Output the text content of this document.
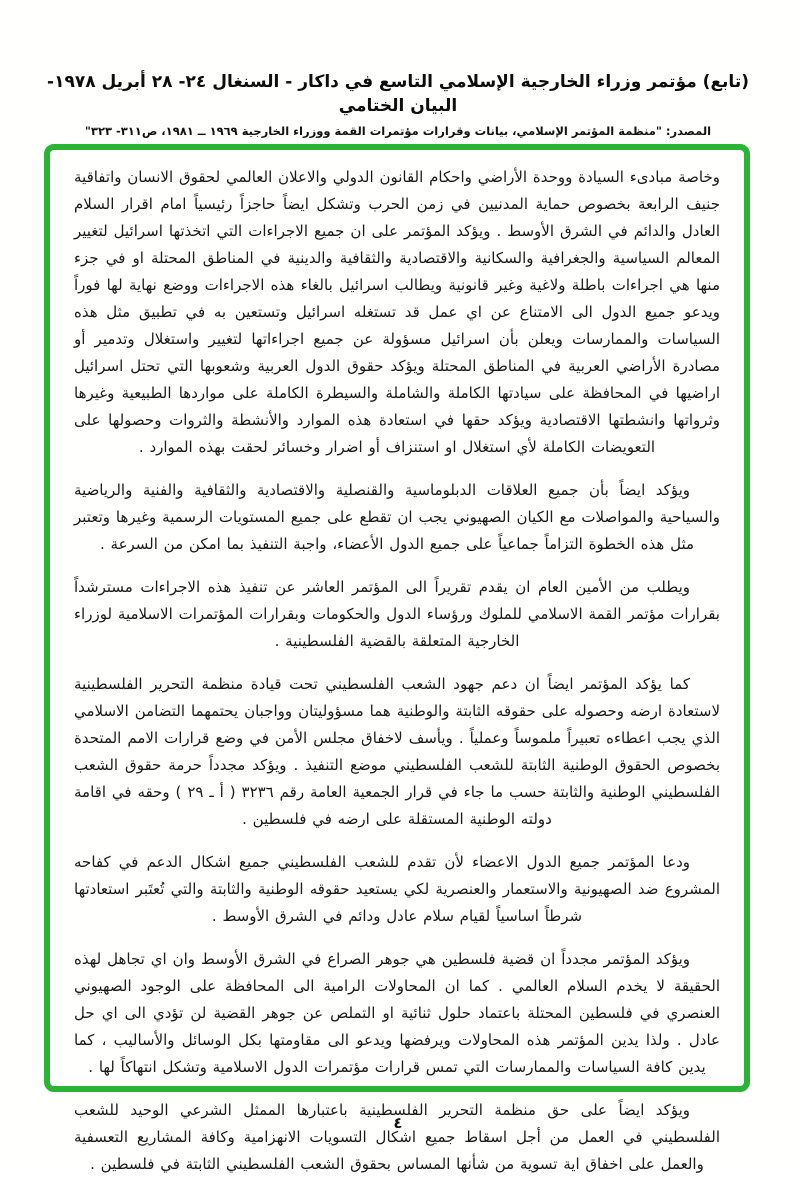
(تابع) مؤتمر وزراء الخارجية الإسلامي التاسع في داكار - السنغال ٢٤- ٢٨ أبريل ١٩٧٨- البيان الختامي
المصدر: "منظمة المؤتمر الإسلامي، بيانات وقرارات مؤتمرات القمة ووزراء الخارجية ١٩٦٩ ــ ١٩٨١، ص٣١١- ٣٢٣"

وخاصة مبادىء السيادة ووحدة الأراضي واحكام القانون الدولي والاعلان العالمي لحقوق الانسان واتفاقية جنيف الرابعة بخصوص حماية المدنيين في زمن الحرب وتشكل ايضاً حاجزاً رئيسياً امام اقرار السلام العادل والدائم في الشرق الأوسط . ويؤكد المؤتمر على ان جميع الاجراءات التي اتخذتها اسرائيل لتغيير المعالم السياسية والجغرافية والسكانية والاقتصادية والثقافية والدينية في المناطق المحتلة او في جزء منها هي اجراءات باطلة ولاغية وغير قانونية ويطالب اسرائيل بالغاء هذه الاجراءات ووضع نهاية لها فوراً ويدعو جميع الدول الى الامتناع عن اي عمل قد تستغله اسرائيل وتستعين به في تطبيق مثل هذه السياسات والممارسات ويعلن بأن اسرائيل مسؤولة عن جميع اجراءاتها لتغيير واستغلال وتدمير أو مصادرة الأراضي العربية في المناطق المحتلة ويؤكد حقوق الدول العربية وشعوبها التي تحتل اسرائيل اراضيها في المحافظة على سيادتها الكاملة والشاملة والسيطرة الكاملة على مواردها الطبيعية وغيرها وثرواتها وانشطتها الاقتصادية ويؤكد حقها في استعادة هذه الموارد والأنشطة والثروات وحصولها على التعويضات الكاملة لأي استغلال او استنزاف أو اضرار وخسائر لحقت بهذه الموارد .

ويؤكد ايضاً بأن جميع العلاقات الدبلوماسية والقنصلية والاقتصادية والثقافية والفنية والرياضية والسياحية والمواصلات مع الكيان الصهيوني يجب ان تقطع على جميع المستويات الرسمية وغيرها وتعتبر مثل هذه الخطوة التزاماً جماعياً على جميع الدول الأعضاء، واجبة التنفيذ بما امكن من السرعة .

ويطلب من الأمين العام ان يقدم تقريراً الى المؤتمر العاشر عن تنفيذ هذه الاجراءات مسترشداً بقرارات مؤتمر القمة الاسلامي للملوك ورؤساء الدول والحكومات وبقرارات المؤتمرات الاسلامية لوزراء الخارجية المتعلقة بالقضية الفلسطينية .

كما يؤكد المؤتمر ايضاً ان دعم جهود الشعب الفلسطيني تحت قيادة منظمة التحرير الفلسطينية لاستعادة ارضه وحصوله على حقوقه الثابتة والوطنية هما مسؤوليتان وواجبان يحتمهما التضامن الاسلامي الذي يجب اعطاءه تعبيراً ملموساً وعملياً . ويأسف لاخفاق مجلس الأمن في وضع قرارات الامم المتحدة بخصوص الحقوق الوطنية الثابتة للشعب الفلسطيني موضع التنفيذ . ويؤكد مجدداً حرمة حقوق الشعب الفلسطيني الوطنية والثابتة حسب ما جاء في قرار الجمعية العامة رقم ٣٢٣٦ ( أ ـ ٢٩ ) وحقه في اقامة دولته الوطنية المستقلة على ارضه في فلسطين .

ودعا المؤتمر جميع الدول الاعضاء لأن تقدم للشعب الفلسطيني جميع اشكال الدعم في كفاحه المشروع ضد الصهيونية والاستعمار والعنصرية لكي يستعيد حقوقه الوطنية والثابتة والتي تُعتَبر استعادتها شرطاً اساسياً لقيام سلام عادل ودائم في الشرق الأوسط .

ويؤكد المؤتمر مجدداً ان قضية فلسطين هي جوهر الصراع في الشرق الأوسط وان اي تجاهل لهذه الحقيقة لا يخدم السلام العالمي . كما ان المحاولات الرامية الى المحافظة على الوجود الصهيوني العنصري في فلسطين المحتلة باعتماد حلول ثنائية او التملص عن جوهر القضية لن تؤدي الى اي حل عادل . ولذا يدين المؤتمر هذه المحاولات ويرفضها ويدعو الى مقاومتها بكل الوسائل والأساليب ، كما يدين كافة السياسات والممارسات التي تمس قرارات مؤتمرات الدول الاسلامية وتشكل انتهاكاً لها .

ويؤكد ايضاً على حق منظمة التحرير الفلسطينية باعتبارها الممثل الشرعي الوحيد للشعب الفلسطيني في العمل من أجل اسقاط جميع اشكال التسويات الانهزامية وكافة المشاريع التعسفية والعمل على اخفاق اية تسوية من شأنها المساس بحقوق الشعب الفلسطيني الثابتة في فلسطين .

٤
